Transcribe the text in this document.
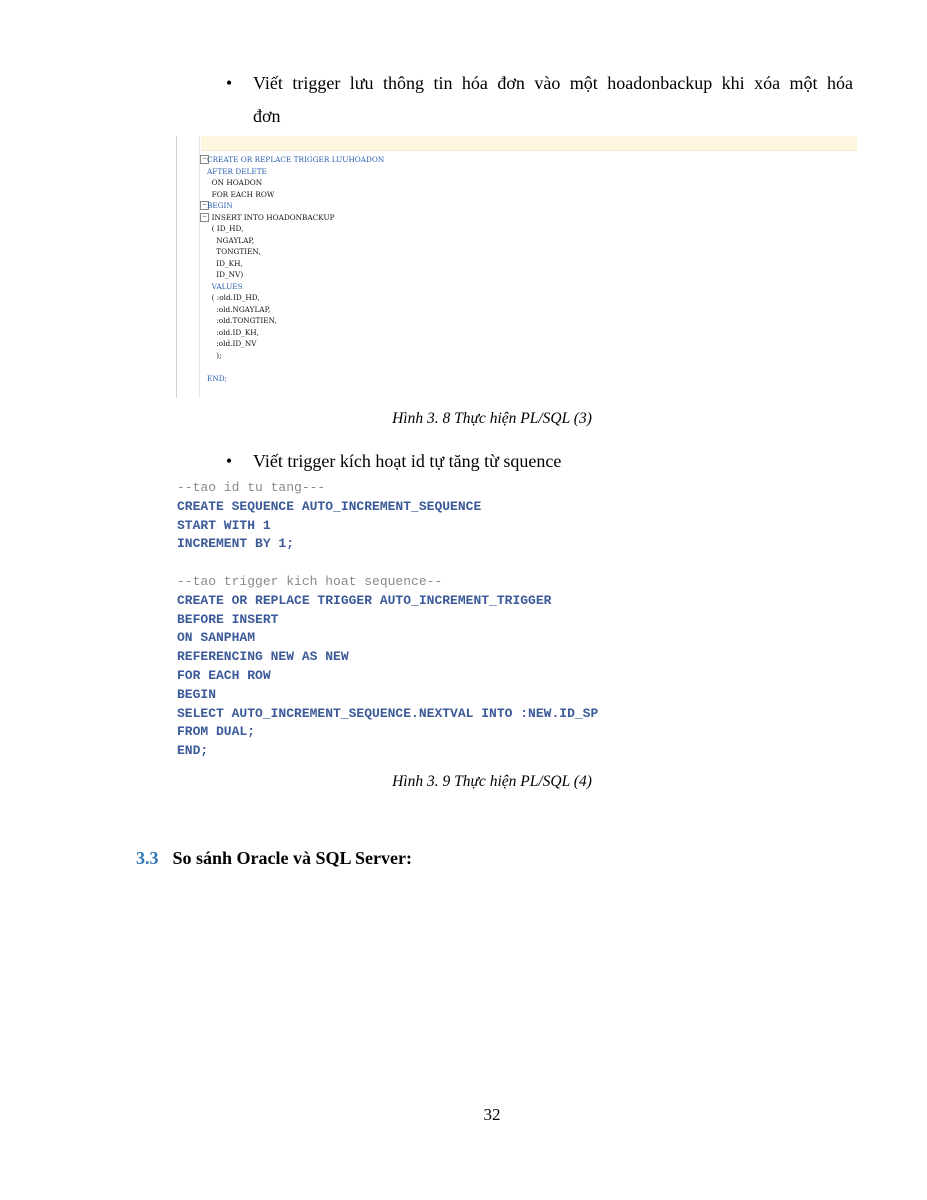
• Viết trigger lưu thông tin hóa đơn vào một hoadonbackup khi xóa một hóa
đơn
−
−
−
CREATE OR REPLACE TRIGGER LUUHOADON
AFTER DELETE
ON HOADON
FOR EACH ROW
BEGIN
INSERT INTO HOADONBACKUP
( ID_HD,
NGAYLAP,
TONGTIEN,
ID_KH,
ID_NV)
VALUES
( :old.ID_HD,
:old.NGAYLAP,
:old.TONGTIEN,
:old.ID_KH,
:old.ID_NV
);

END;
Hình 3. 8 Thực hiện PL/SQL (3)
• Viết trigger kích hoạt id tự tăng từ squence
--tao id tu tang---
CREATE SEQUENCE AUTO_INCREMENT_SEQUENCE
START WITH 1
INCREMENT BY 1;

--tao trigger kich hoat sequence--
CREATE OR REPLACE TRIGGER AUTO_INCREMENT_TRIGGER
BEFORE INSERT
ON SANPHAM
REFERENCING NEW AS NEW
FOR EACH ROW
BEGIN
SELECT AUTO_INCREMENT_SEQUENCE.NEXTVAL INTO :NEW.ID_SP
FROM DUAL;
END;
Hình 3. 9 Thực hiện PL/SQL (4)
3.3 So sánh Oracle và SQL Server:
32
